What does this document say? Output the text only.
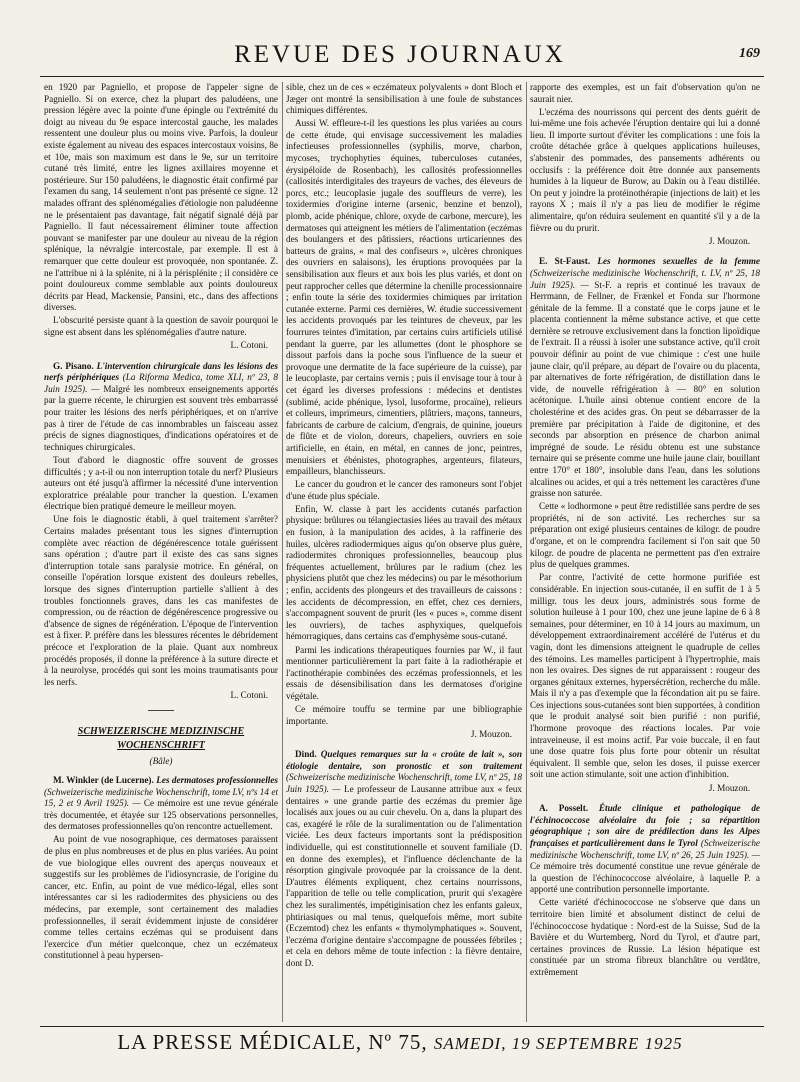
REVUE DES JOURNAUX	169

en 1920 par Pagniello, et propose de l'appeler signe de Pagniello. Si on exerce, chez la plupart des paludéens, une pression légère avec la pointe d'une épingle ou l'extrémité du doigt au niveau du 9e espace intercostal gauche, les malades ressentent une douleur plus ou moins vive. Parfois, la douleur existe également au niveau des espaces intercostaux voisins, 8e et 10e, mais son maximum est dans le 9e, sur un territoire cutané très limité, entre les lignes axillaires moyenne et postérieure. Sur 150 paludéens, le diagnostic était confirmé par l'examen du sang, 14 seulement n'ont pas présenté ce signe. 12 malades offrant des splénomégalies d'étiologie non paludéenne ne le présentaient pas davantage, fait négatif signalé déjà par Pagniello. Il faut nécessairement éliminer toute affection pouvant se manifester par une douleur au niveau de la région splénique, la névralgie intercostale, par exemple. Il est à remarquer que cette douleur est provoquée, non spontanée. Z. ne l'attribue ni à la splénite, ni à la périsplénite ; il considère ce point douloureux comme semblable aux points douloureux décrits par Head, Mackensie, Pansini, etc., dans des affections diverses.

L'obscurité persiste quant à la question de savoir pourquoi le signe est absent dans les splénomégalies d'autre nature.

L. Cotoni.

G. Pisano. L'intervention chirurgicale dans les lésions des nerfs périphériques (La Riforma Medica, tome XLI, nº 23, 8 Juin 1925). — Malgré les nombreux enseignements apportés par la guerre récente, le chirurgien est souvent très embarrassé pour traiter les lésions des nerfs périphériques, et on n'arrive pas à tirer de l'étude de cas innombrables un faisceau assez précis de signes diagnostiques, d'indications opératoires et de techniques chirurgicales.

Tout d'abord le diagnostic offre souvent de grosses difficultés ; y a-t-il ou non interruption totale du nerf? Plusieurs auteurs ont été jusqu'à affirmer la nécessité d'une intervention exploratrice préalable pour trancher la question. L'examen électrique bien pratiqué demeure le meilleur moyen.

Une fois le diagnostic établi, à quel traitement s'arrêter? Certains malades présentant tous les signes d'interruption complète avec réaction de dégénérescence totale guérissent sans opération ; d'autre part il existe des cas sans signes d'interruption totale sans paralysie motrice. En général, on conseille l'opération lorsque existent des douleurs rebelles, lorsque des signes d'interruption partielle s'allient à des troubles fonctionnels graves, dans les cas manifestes de compression, ou de réaction de dégénérescence progressive ou d'absence de signes de régénération. L'époque de l'intervention est à fixer. P. préfère dans les blessures récentes le débridement précoce et l'exploration de la plaie. Quant aux nombreux procédés proposés, il donne la préférence à la suture directe et à la neurolyse, procédés qui sont les moins traumatisants pour les nerfs.

L. Cotoni.
SCHWEIZERISCHE MEDIZINISCHE WOCHENSCHRIFT
(Bâle)

M. Winkler (de Lucerne). Les dermatoses professionnelles (Schweizerische medizinische Wochenschrift, tome LV, nºs 14 et 15, 2 et 9 Avril 1925). — Ce mémoire est une revue générale très documentée, et étayée sur 125 observations personnelles, des dermatoses professionnelles qu'on rencontre actuellement.

Au point de vue nosographique, ces dermatoses paraissent de plus en plus nombreuses et de plus en plus variées. Au point de vue biologique elles ouvrent des aperçus nouveaux et suggestifs sur les problèmes de l'idiosyncrasie, de l'origine du cancer, etc. Enfin, au point de vue médico-légal, elles sont intéressantes car si les radiodermites des physiciens ou des médecins, par exemple, sont certainement des maladies professionnelles, il serait évidemment injuste de considérer comme telles certains eczémas qui se produisent dans l'exercice d'un métier quelconque, chez un eczémateux constitutionnel à peau hypersen-

sible, chez un de ces « eczémateux polyvalents » dont Bloch et Jæger ont montré la sensibilisation à une foule de substances chimiques différentes.

Aussi W. effleure-t-il les questions les plus variées au cours de cette étude, qui envisage successivement les maladies infectieuses professionnelles (syphilis, morve, charbon, mycoses, trychophyties équines, tuberculoses cutanées, érysipéloïde de Rosenbach), les callosités professionnelles (callosités interdigitales des trayeurs de vaches, des éleveurs de porcs, etc.; leucoplasie jugale des souffleurs de verre), les toxidermies d'origine interne (arsenic, benzine et benzol), plomb, acide phénique, chlore, oxyde de carbone, mercure), les dermatoses qui atteignent les métiers de l'alimentation (eczémas des boulangers et des pâtissiers, réactions urticariennes des batteurs de grains, « mal des confiseurs », ulcères chroniques des ouvriers en salaisons), les éruptions provoquées par la sensibilisation aux fleurs et aux bois les plus variés, et dont on peut rapprocher celles que détermine la chenille processionnaire ; enfin toute la série des toxidermies chimiques par irritation cutanée externe. Parmi ces dernières, W. étudie successivement les accidents provoqués par les teintures de cheveux, par les fourrures teintes d'imitation, par certains cuirs artificiels utilisé pendant la guerre, par les allumettes (dont le phosphore se dissout parfois dans la poche sous l'influence de la sueur et provoque une dermatite de la face supérieure de la cuisse), par le leucoplaste, par certains vernis ; puis il envisage tour à tour à cet égard les diverses professions : médecins et dentistes (sublimé, acide phénique, lysol, lusoforme, procaïne), relieurs et colleurs, imprimeurs, cimentiers, plâtriers, maçons, tanneurs, fabricants de carbure de calcium, d'engrais, de quinine, joueurs de flûte et de violon, doreurs, chapeliers, ouvriers en soie artificielle, en étain, en métal, en cannes de jonc, peintres, menuisiers et ébénistes, photographes, argenteurs, filateurs, empailleurs, blanchisseurs.

Le cancer du goudron et le cancer des ramoneurs sont l'objet d'une étude plus spéciale.

Enfin, W. classe à part les accidents cutanés parfaction physique: brûlures ou télangiectasies liées au travail des métaux en fusion, à la manipulation des acides, à la raffinerie des huiles, ulcères radiodermiques aigus qu'on observe plus guère, radiodermites chroniques professionnelles, beaucoup plus fréquentes actuellement, brûlures par le radium (chez les physiciens plutôt que chez les médecins) ou par le mésothorium ; enfin, accidents des plongeurs et des travailleurs de caissons : les accidents de décompression, en effet, chez ces derniers, s'accompagnent souvent de prurit (les « puces », comme disent les ouvriers), de taches asphyxiques, quelquefois hémorragiques, dans certains cas d'emphysème sous-cutané.

Parmi les indications thérapeutiques fournies par W., il faut mentionner particulièrement la part faite à la radiothérapie et l'actinothérapie combinées des eczémas professionnels, et les essais de désensibilisation dans les dermatoses d'origine végétale.

Ce mémoire touffu se termine par une bibliographie importante.

J. Mouzon.

Dind. Quelques remarques sur la « croûte de lait », son étiologie dentaire, son pronostic et son traitement (Schweizerische medizinische Wochenschrift, tome LV, nº 25, 18 Juin 1925). — Le professeur de Lausanne attribue aux « feux dentaires » une grande partie des eczémas du premier âge localisés aux joues ou au cuir chevelu. On a, dans la plupart des cas, exagéré le rôle de la suralimentation ou de l'alimentation viciée. Les deux facteurs importants sont la prédisposition individuelle, qui est constitutionnelle et souvent familiale (D. en donne des exemples), et l'influence déclenchante de la résorption gingivale provoquée par la croissance de la dent. D'autres éléments expliquent, chez certains nourrissons, l'apparition de telle ou telle complication, prurit qui s'exagère chez les suralimentés, impétiginisation chez les enfants galeux, phtiriasiques ou mal tenus, quelquefois même, mort subite (Eczemtod) chez les enfants « thymolymphatiques ». Souvent, l'eczéma d'origine dentaire s'accompagne de poussées fébriles ; et cela en dehors même de toute infection : la fièvre dentaire, dont D.

rapporte des exemples, est un fait d'observation qu'on ne saurait nier.

L'eczéma des nourrissons qui percent des dents guérit de lui-même une fois achevée l'éruption dentaire qui lui a donné lieu. Il importe surtout d'éviter les complications : une fois la croûte détachée grâce à quelques applications huileuses, s'abstenir des pommades, des pansements adhérents ou occlusifs : la préférence doit être donnée aux pansements humides à la liqueur de Burow, au Dakin ou à l'eau distillée. On peut y joindre la protéinothérapie (injections de lait) et les rayons X ; mais il n'y a pas lieu de modifier le régime alimentaire, qu'on réduira seulement en quantité s'il y a de la fièvre ou du prurit.

J. Mouzon.

E. St-Faust. Les hormones sexuelles de la femme (Schweizerische medizinische Wochenschrift, t. LV, nº 25, 18 Juin 1925). — St-F. a repris et continué les travaux de Herrmann, de Fellner, de Frænkel et Fonda sur l'hormone génitale de la femme. Il a constaté que le corps jaune et le placenta contiennent la même substance active, et que cette dernière se retrouve exclusivement dans la fonction lipoïdique de l'extrait. Il a réussi à isoler une substance active, qu'il croit pouvoir définir au point de vue chimique : c'est une huile jaune clair, qu'il prépare, au départ de l'ovaire ou du placenta, par alternatives de forte réfrigération, de distillation dans le vide, de nouvelle réfrigération à — 80° en solution acétonique. L'huile ainsi obtenue contient encore de la cholestérine et des acides gras. On peut se débarrasser de la première par précipitation à l'aide de digitonine, et des seconds par absorption en présence de charbon animal imprégné de soude. Le résidu obtenu est une substance ternaire qui se présente comme une huile jaune clair, bouillant entre 170° et 180°, insoluble dans l'eau, dans les solutions alcalines ou acides, et qui a très nettement les caractères d'une graisse non saturée.

Cette « lodhormone » peut être redistillée sans perdre de ses propriétés, ni de son activité. Les recherches sur sa préparation ont exigé plusieurs centaines de kilogr. de poudre d'organe, et on le comprendra facilement si l'on sait que 50 kilogr. de poudre de placenta ne permettent pas d'en extraire plus de quelques grammes.

Par contre, l'activité de cette hormone purifiée est considérable. En injection sous-cutanée, il en suffit de 1 à 5 milligr. tous les deux jours, administrés sous forme de solution huileuse à 1 pour 100, chez une jeune lapine de 6 à 8 semaines, pour déterminer, en 10 à 14 jours au maximum, un développement extraordinairement accéléré de l'utérus et du vagin, dont les dimensions atteignent le quadruple de celles des témoins. Les mamelles participent à l'hypertrophie, mais non les ovaires. Des signes de rut apparaissent : rougeur des organes génitaux externes, hypersécrétion, recherche du mâle. Mais il n'y a pas d'exemple que la fécondation ait pu se faire. Ces injections sous-cutanées sont bien supportées, à condition que le produit analysé soit bien purifié : non purifié, l'hormone provoque des réactions locales. Par voie intraveineuse, il est moins actif. Par voie buccale, il en faut une dose quatre fois plus forte pour obtenir un résultat équivalent. Il semble que, selon les doses, il puisse exercer soit une action stimulante, soit une action d'inhibition.

J. Mouzon.

A. Posselt. Étude clinique et pathologique de l'échinococcose alvéolaire du foie ; sa répartition géographique ; son aire de prédilection dans les Alpes françaises et particulièrement dans le Tyrol (Schweizerische medizinische Wochenschrift, tome LV, nº 26, 25 Juin 1925). — Ce mémoire très documenté constitue une revue générale de la question de l'échinococcose alvéolaire, à laquelle P. a apporté une contribution personnelle importante.

Cette variété d'échinococcose ne s'observe que dans un territoire bien limité et absolument distinct de celui de l'échinococcose hydatique : Nord-est de la Suisse, Sud de la Bavière et du Wurtemberg, Nord du Tyrol, et d'autre part, certaines provinces de Russie. La lésion hépatique est constituée par un stroma fibreux blanchâtre ou verdâtre, extrêmement

LA PRESSE MÉDICALE, Nº 75, SAMEDI, 19 SEPTEMBRE 1925
